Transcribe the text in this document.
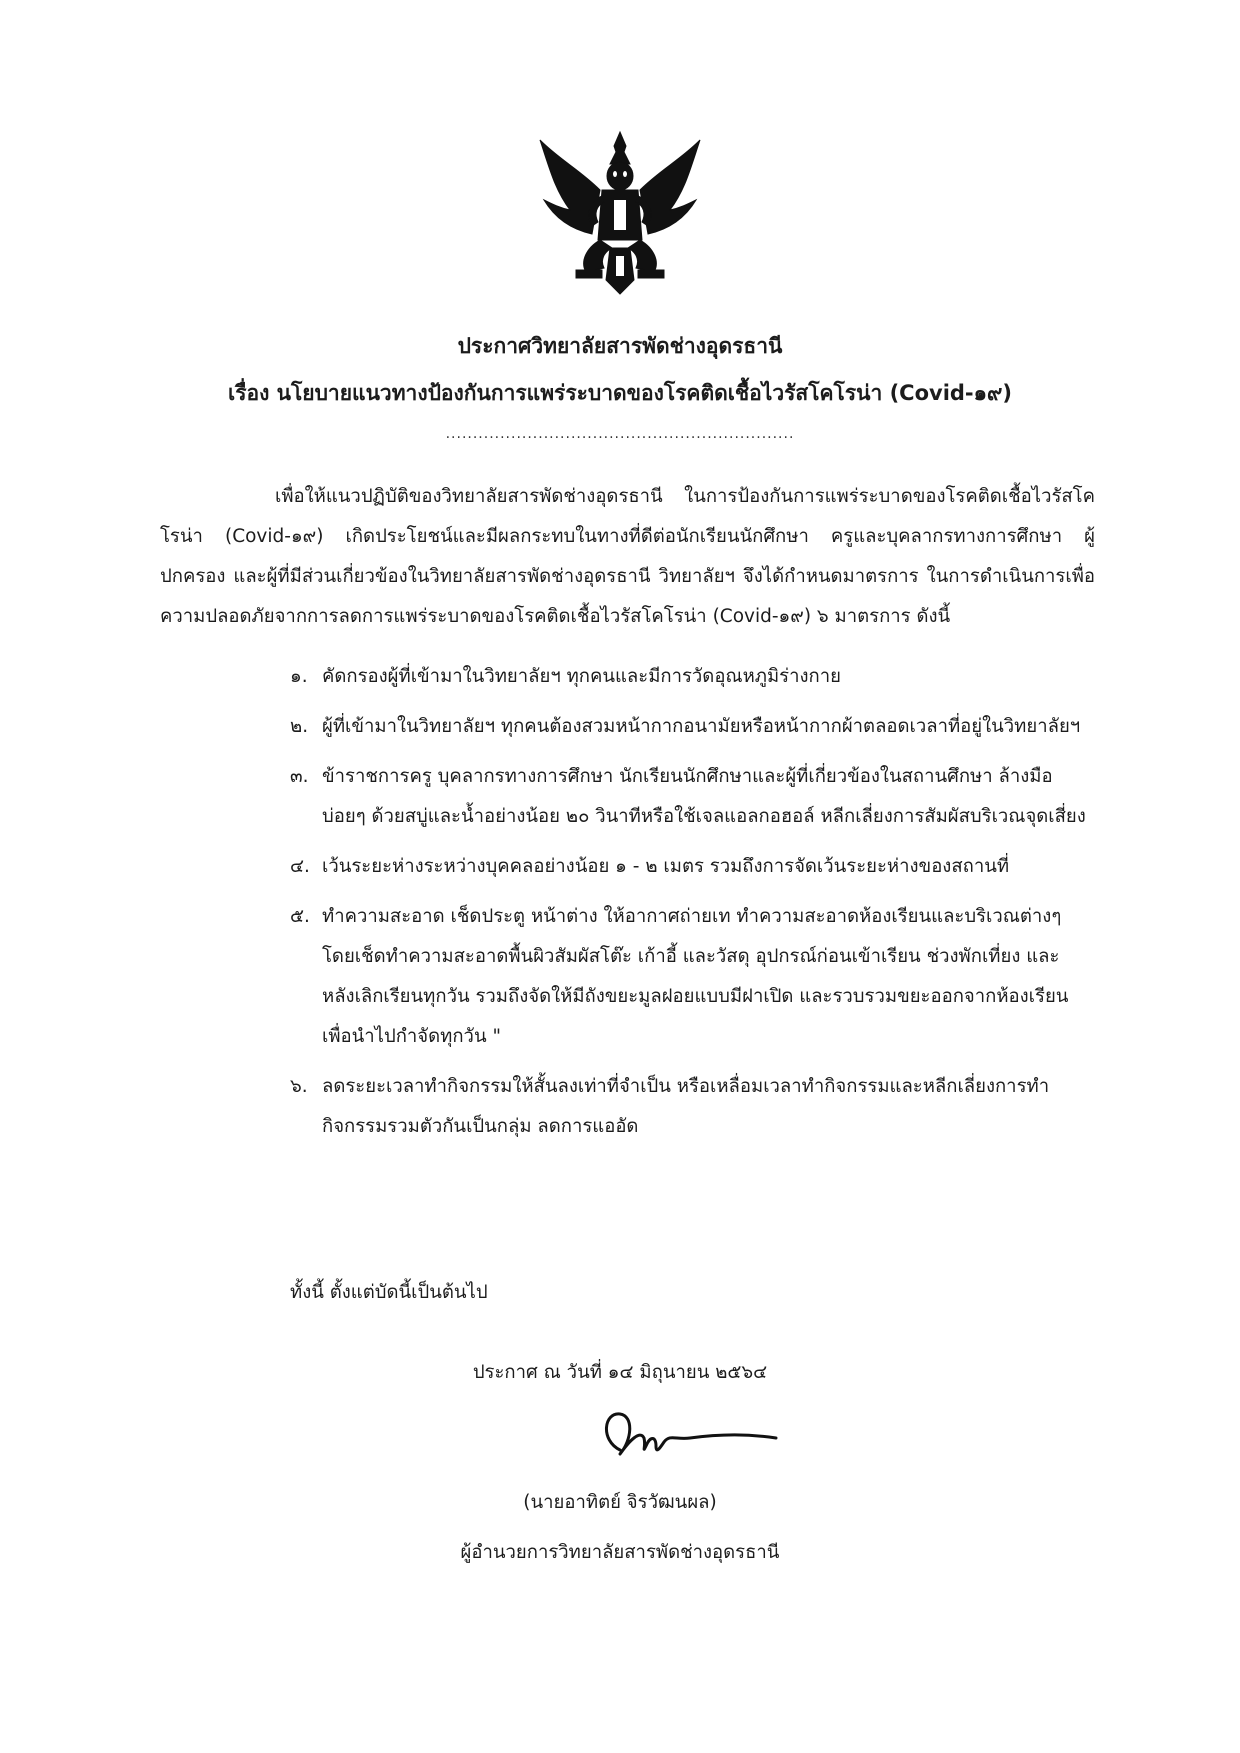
ประกาศวิทยาลัยสารพัดช่างอุดรธานี
เรื่อง นโยบายแนวทางป้องกันการแพร่ระบาดของโรคติดเชื้อไวรัสโคโรน่า (Covid-๑๙)
................................................................

เพื่อให้แนวปฏิบัติของวิทยาลัยสารพัดช่างอุดรธานี ในการป้องกันการแพร่ระบาดของโรคติดเชื้อไวรัสโคโรน่า (Covid-๑๙) เกิดประโยชน์และมีผลกระทบในทางที่ดีต่อนักเรียนนักศึกษา ครูและบุคลากรทางการศึกษา ผู้ปกครอง และผู้ที่มีส่วนเกี่ยวข้องในวิทยาลัยสารพัดช่างอุดรธานี วิทยาลัยฯ จึงได้กำหนดมาตรการ ในการดำเนินการเพื่อความปลอดภัยจากการลดการแพร่ระบาดของโรคติดเชื้อไวรัสโคโรน่า (Covid-๑๙) ๖ มาตรการ ดังนี้

๑. คัดกรองผู้ที่เข้ามาในวิทยาลัยฯ ทุกคนและมีการวัดอุณหภูมิร่างกาย
๒. ผู้ที่เข้ามาในวิทยาลัยฯ ทุกคนต้องสวมหน้ากากอนามัยหรือหน้ากากผ้าตลอดเวลาที่อยู่ในวิทยาลัยฯ
๓. ข้าราชการครู บุคลากรทางการศึกษา นักเรียนนักศึกษาและผู้ที่เกี่ยวข้องในสถานศึกษา ล้างมือบ่อยๆ ด้วยสบู่และน้ำอย่างน้อย ๒๐ วินาทีหรือใช้เจลแอลกอฮอล์ หลีกเลี่ยงการสัมผัสบริเวณจุดเสี่ยง
๔. เว้นระยะห่างระหว่างบุคคลอย่างน้อย ๑ - ๒ เมตร รวมถึงการจัดเว้นระยะห่างของสถานที่
๕. ทำความสะอาด เช็ดประตู หน้าต่าง ให้อากาศถ่ายเท ทำความสะอาดห้องเรียนและบริเวณต่างๆ โดยเช็ดทำความสะอาดพื้นผิวสัมผัสโต๊ะ เก้าอี้ และวัสดุ อุปกรณ์ก่อนเข้าเรียน ช่วงพักเที่ยง และหลังเลิกเรียนทุกวัน รวมถึงจัดให้มีถังขยะมูลฝอยแบบมีฝาเปิด และรวบรวมขยะออกจากห้องเรียน เพื่อนำไปกำจัดทุกวัน "
๖. ลดระยะเวลาทำกิจกรรมให้สั้นลงเท่าที่จำเป็น หรือเหลื่อมเวลาทำกิจกรรมและหลีกเลี่ยงการทำกิจกรรมรวมตัวกันเป็นกลุ่ม ลดการแออัด
ทั้งนี้ ตั้งแต่บัดนี้เป็นต้นไป
ประกาศ ณ วันที่ ๑๔ มิถุนายน ๒๕๖๔
(นายอาทิตย์ จิรวัฒนผล)
ผู้อำนวยการวิทยาลัยสารพัดช่างอุดรธานี
